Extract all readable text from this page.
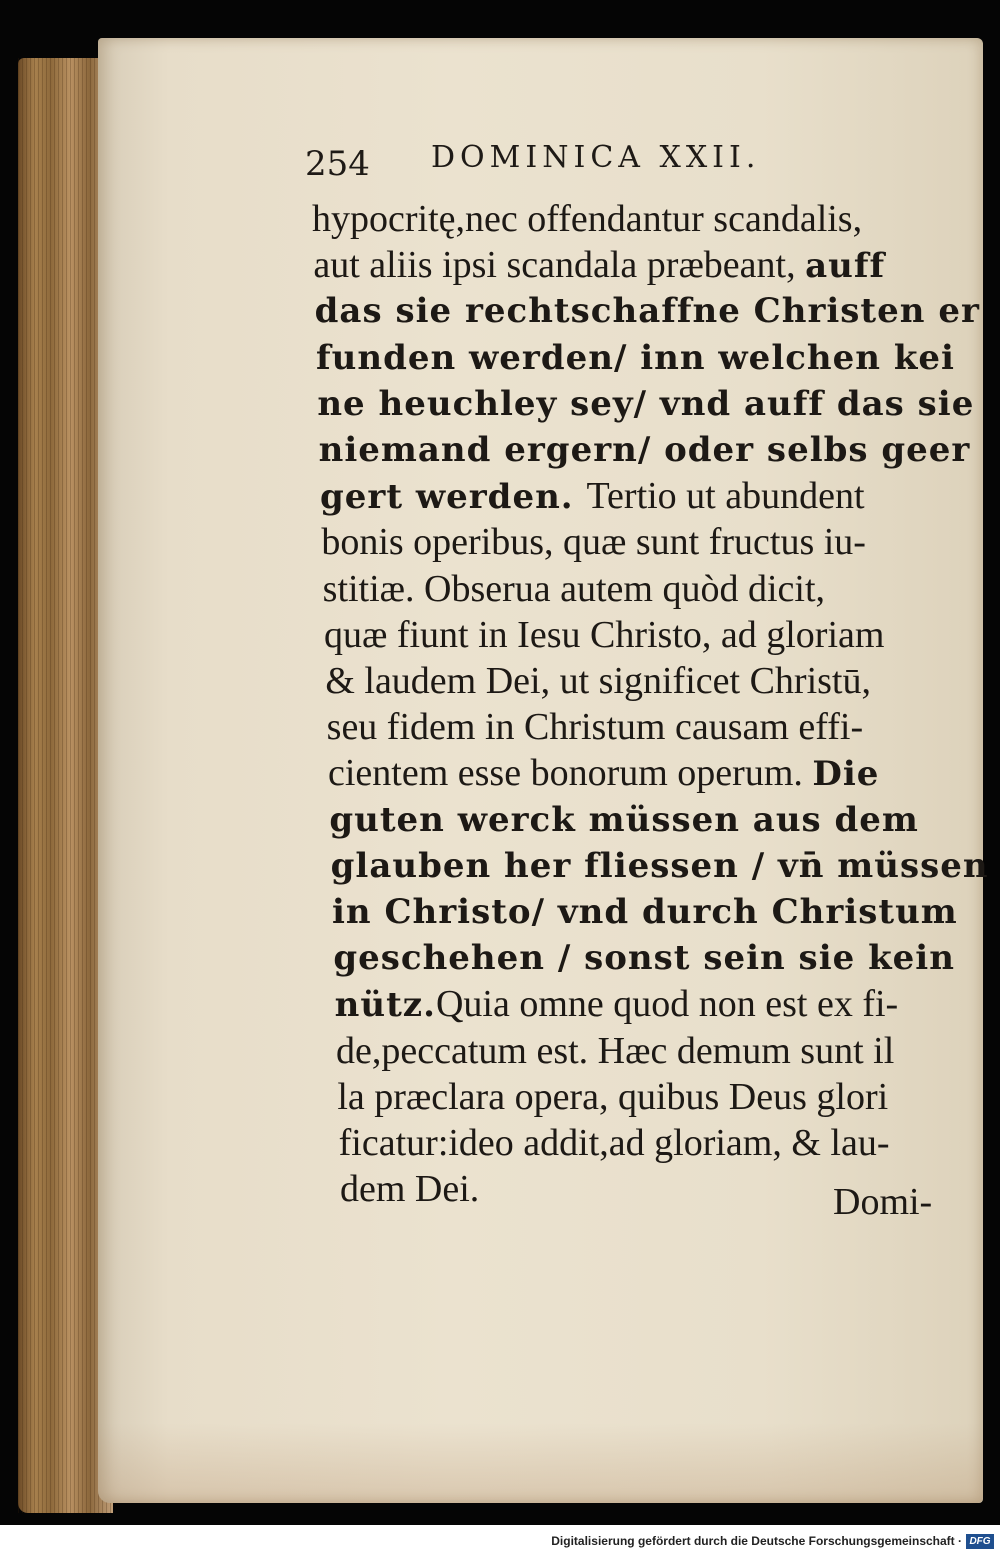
254 DOMINICA XXII.
hypocritę,nec offendantur scandalis,
aut aliis ipsi scandala præbeant, auff
das sie rechtschaffne Christen er
funden werden/ inn welchen kei
ne heuchley sey/ vnd auff das sie
niemand ergern/ oder selbs geer
gert werden. Tertio ut abundent
bonis operibus, quæ sunt fructus iu-
stitiæ. Obserua autem quòd dicit,
quæ fiunt in Iesu Christo, ad gloriam
& laudem Dei, ut significet Christū,
seu fidem in Christum causam effi-
cientem esse bonorum operum. Die
guten werck müssen aus dem
glauben her fliessen / vn̄ müssen
in Christo/ vnd durch Christum
geschehen / sonst sein sie kein
nütz.Quia omne quod non est ex fi-
de,peccatum est. Hæc demum sunt il
la præclara opera, quibus Deus glori
ficatur:ideo addit,ad gloriam, & lau-
dem Dei.	Domi-
Digitalisierung gefördert durch die Deutsche Forschungsgemeinschaft · DFG
